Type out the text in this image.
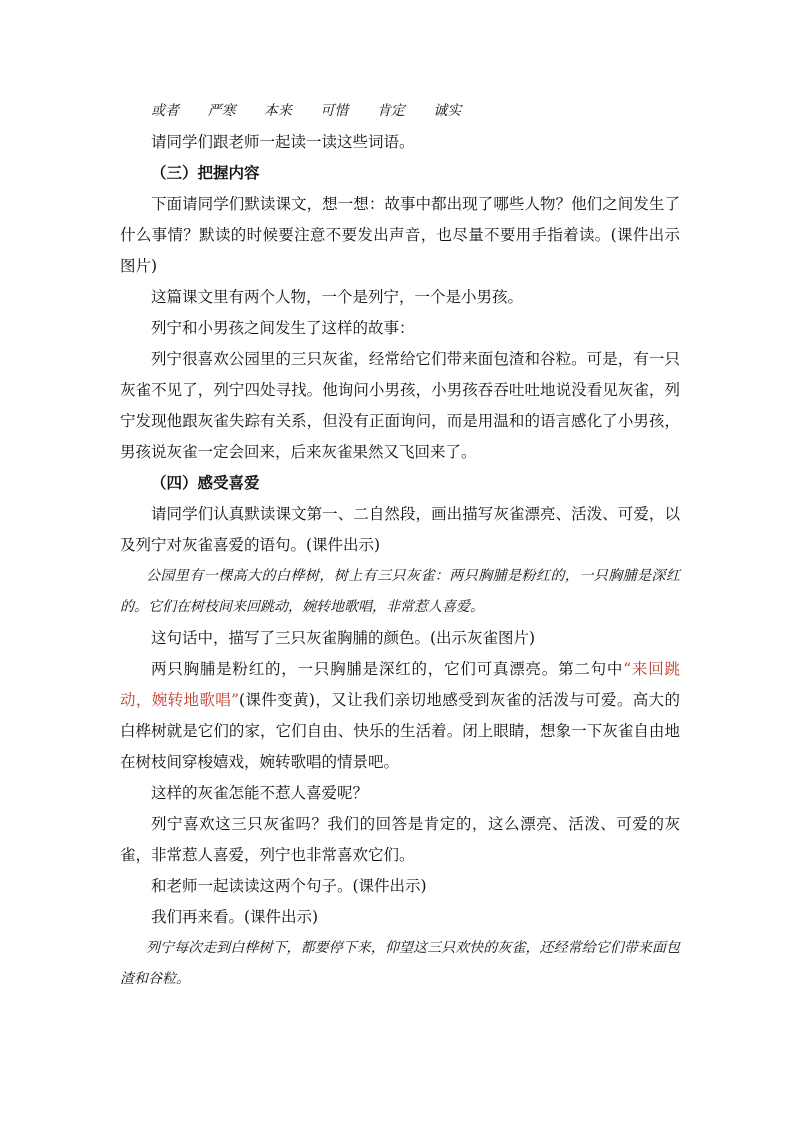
或者 严寒 本来 可惜 肯定 诚实

请同学们跟老师一起读一读这些词语。

（三）把握内容

下面请同学们默读课文，想一想：故事中都出现了哪些人物？他们之间发生了什么事情？默读的时候要注意不要发出声音，也尽量不要用手指着读。(课件出示图片)

这篇课文里有两个人物，一个是列宁，一个是小男孩。

列宁和小男孩之间发生了这样的故事：

列宁很喜欢公园里的三只灰雀，经常给它们带来面包渣和谷粒。可是，有一只灰雀不见了，列宁四处寻找。他询问小男孩，小男孩吞吞吐吐地说没看见灰雀，列宁发现他跟灰雀失踪有关系，但没有正面询问，而是用温和的语言感化了小男孩，男孩说灰雀一定会回来，后来灰雀果然又飞回来了。

（四）感受喜爱

请同学们认真默读课文第一、二自然段，画出描写灰雀漂亮、活泼、可爱，以及列宁对灰雀喜爱的语句。(课件出示)

公园里有一棵高大的白桦树，树上有三只灰雀：两只胸脯是粉红的，一只胸脯是深红的。它们在树枝间来回跳动，婉转地歌唱，非常惹人喜爱。

这句话中，描写了三只灰雀胸脯的颜色。(出示灰雀图片)

两只胸脯是粉红的，一只胸脯是深红的，它们可真漂亮。第二句中“来回跳动，婉转地歌唱”(课件变黄)，又让我们亲切地感受到灰雀的活泼与可爱。高大的白桦树就是它们的家，它们自由、快乐的生活着。闭上眼睛，想象一下灰雀自由地在树枝间穿梭嬉戏，婉转歌唱的情景吧。

这样的灰雀怎能不惹人喜爱呢？

列宁喜欢这三只灰雀吗？我们的回答是肯定的，这么漂亮、活泼、可爱的灰雀，非常惹人喜爱，列宁也非常喜欢它们。

和老师一起读读这两个句子。(课件出示)

我们再来看。(课件出示)

列宁每次走到白桦树下，都要停下来，仰望这三只欢快的灰雀，还经常给它们带来面包渣和谷粒。
